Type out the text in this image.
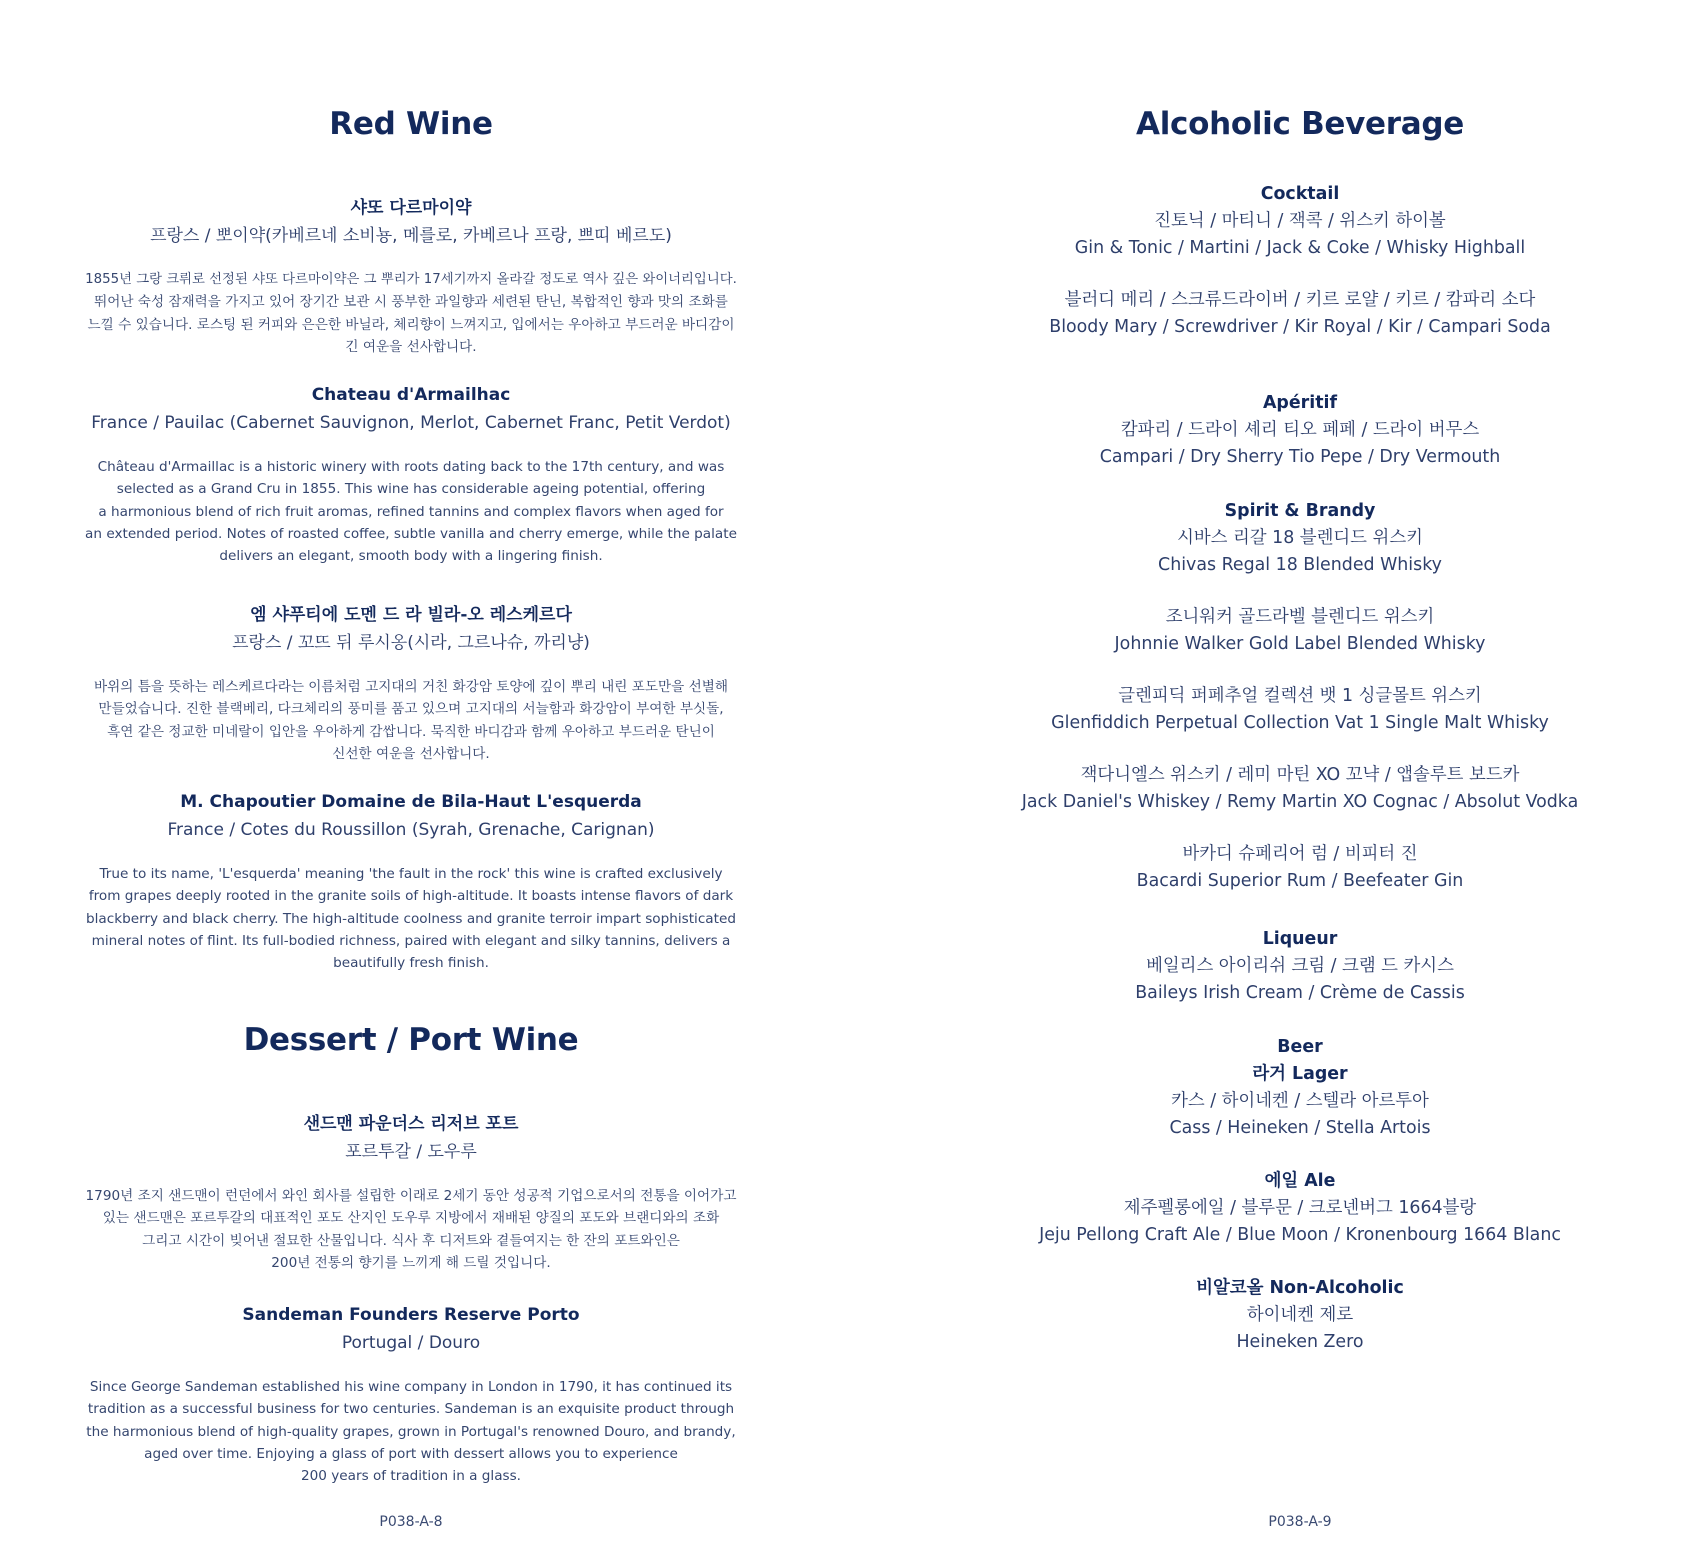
Red Wine
샤또 다르마이약
프랑스 / 뽀이약(카베르네 소비뇽, 메를로, 카베르나 프랑, 쁘띠 베르도)
1855년 그랑 크뤼로 선정된 샤또 다르마이약은 그 뿌리가 17세기까지 올라갈 정도로 역사 깊은 와이너리입니다.
뛰어난 숙성 잠재력을 가지고 있어 장기간 보관 시 풍부한 과일향과 세련된 탄닌, 복합적인 향과 맛의 조화를
느낄 수 있습니다. 로스팅 된 커피와 은은한 바닐라, 체리향이 느껴지고, 입에서는 우아하고 부드러운 바디감이
긴 여운을 선사합니다.
Chateau d'Armailhac
France / Pauilac (Cabernet Sauvignon, Merlot, Cabernet Franc, Petit Verdot)
Château d'Armaillac is a historic winery with roots dating back to the 17th century, and was
selected as a Grand Cru in 1855. This wine has considerable ageing potential, offering
a harmonious blend of rich fruit aromas, refined tannins and complex flavors when aged for
an extended period. Notes of roasted coffee, subtle vanilla and cherry emerge, while the palate
delivers an elegant, smooth body with a lingering finish.
엠 샤푸티에 도멘 드 라 빌라-오 레스케르다
프랑스 / 꼬뜨 뒤 루시옹(시라, 그르나슈, 까리냥)
바위의 틈을 뜻하는 레스케르다라는 이름처럼 고지대의 거친 화강암 토양에 깊이 뿌리 내린 포도만을 선별해
만들었습니다. 진한 블랙베리, 다크체리의 풍미를 품고 있으며 고지대의 서늘함과 화강암이 부여한 부싯돌,
흑연 같은 정교한 미네랄이 입안을 우아하게 감쌉니다. 묵직한 바디감과 함께 우아하고 부드러운 탄닌이
신선한 여운을 선사합니다.
M. Chapoutier Domaine de Bila-Haut L'esquerda
France / Cotes du Roussillon (Syrah, Grenache, Carignan)
True to its name, 'L'esquerda' meaning 'the fault in the rock' this wine is crafted exclusively
from grapes deeply rooted in the granite soils of high-altitude. It boasts intense flavors of dark
blackberry and black cherry. The high-altitude coolness and granite terroir impart sophisticated
mineral notes of flint. Its full-bodied richness, paired with elegant and silky tannins, delivers a
beautifully fresh finish.
Dessert / Port Wine
샌드맨 파운더스 리저브 포트
포르투갈 / 도우루
1790년 조지 샌드맨이 런던에서 와인 회사를 설립한 이래로 2세기 동안 성공적 기업으로서의 전통을 이어가고
있는 샌드맨은 포르투갈의 대표적인 포도 산지인 도우루 지방에서 재배된 양질의 포도와 브랜디와의 조화
그리고 시간이 빚어낸 절묘한 산물입니다. 식사 후 디저트와 곁들여지는 한 잔의 포트와인은
200년 전통의 향기를 느끼게 해 드릴 것입니다.
Sandeman Founders Reserve Porto
Portugal / Douro
Since George Sandeman established his wine company in London in 1790, it has continued its
tradition as a successful business for two centuries. Sandeman is an exquisite product through
the harmonious blend of high-quality grapes, grown in Portugal's renowned Douro, and brandy,
aged over time. Enjoying a glass of port with dessert allows you to experience
200 years of tradition in a glass.
P038-A-8
Alcoholic Beverage
Cocktail
진토닉 / 마티니 / 잭콕 / 위스키 하이볼
Gin & Tonic / Martini / Jack & Coke / Whisky Highball
블러디 메리 / 스크류드라이버 / 키르 로얄 / 키르 / 캄파리 소다
Bloody Mary / Screwdriver / Kir Royal / Kir / Campari Soda
Apéritif
캄파리 / 드라이 셰리 티오 페페 / 드라이 버무스
Campari / Dry Sherry Tio Pepe / Dry Vermouth
Spirit & Brandy
시바스 리갈 18 블렌디드 위스키
Chivas Regal 18 Blended Whisky
조니워커 골드라벨 블렌디드 위스키
Johnnie Walker Gold Label Blended Whisky
글렌피딕 퍼페추얼 컬렉션 뱃 1 싱글몰트 위스키
Glenfiddich Perpetual Collection Vat 1 Single Malt Whisky
잭다니엘스 위스키 / 레미 마틴 XO 꼬냑 / 앱솔루트 보드카
Jack Daniel's Whiskey / Remy Martin XO Cognac / Absolut Vodka
바카디 슈페리어 럼 / 비피터 진
Bacardi Superior Rum / Beefeater Gin
Liqueur
베일리스 아이리쉬 크림 / 크램 드 카시스
Baileys Irish Cream / Crème de Cassis
Beer
라거 Lager
카스 / 하이네켄 / 스텔라 아르투아
Cass / Heineken / Stella Artois
에일 Ale
제주펠롱에일 / 블루문 / 크로넨버그 1664블랑
Jeju Pellong Craft Ale / Blue Moon / Kronenbourg 1664 Blanc
비알코올 Non-Alcoholic
하이네켄 제로
Heineken Zero
P038-A-9
